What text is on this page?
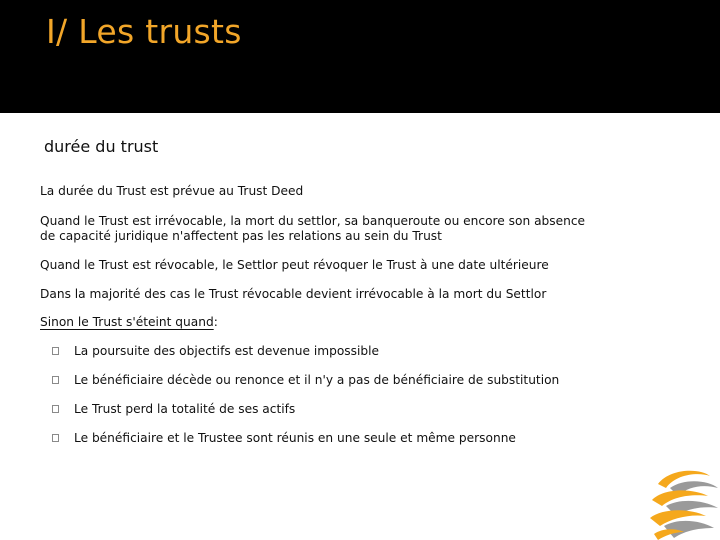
I/ Les trusts
durée du trust
La durée du Trust est prévue au Trust Deed
Quand le Trust est irrévocable, la mort du settlor, sa banqueroute ou encore son absence de capacité juridique n'affectent pas les relations au sein du Trust
Quand le Trust est révocable, le Settlor peut révoquer le Trust à une date ultérieure
Dans la majorité des cas le Trust révocable devient irrévocable à la mort du Settlor
Sinon le Trust s'éteint quand:
La poursuite des objectifs est devenue impossible
Le bénéficiaire décède ou renonce et il n'y a pas de bénéficiaire de substitution
Le Trust perd la totalité de ses actifs
Le bénéficiaire et le Trustee sont réunis en une seule et même personne
